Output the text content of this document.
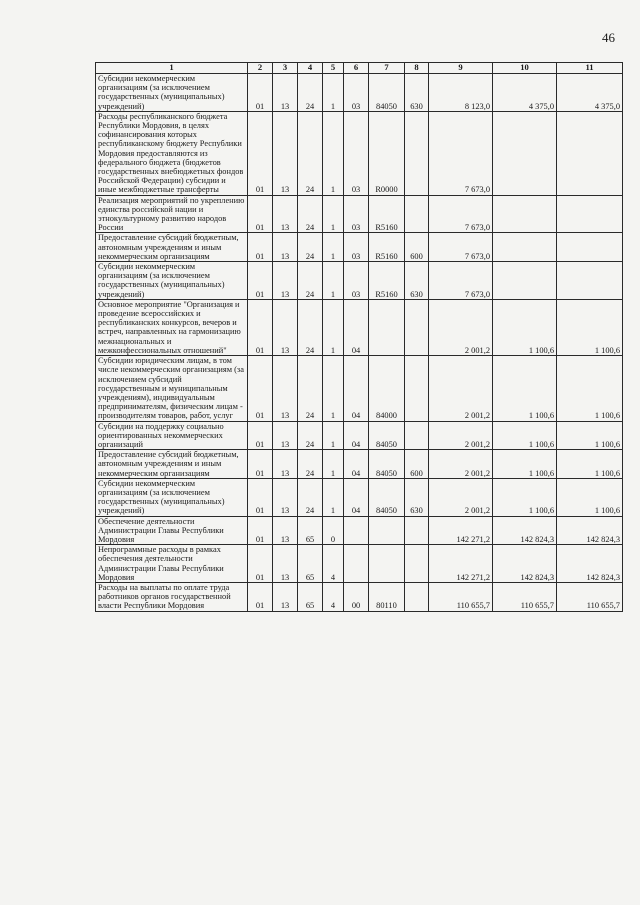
46
1	2	3	4	5	6	7	8	9	10	11
Субсидии некоммерческим организациям (за исключением государственных (муниципальных) учреждений)	01	13	24	1	03	84050	630	8 123,0	4 375,0	4 375,0
Расходы республиканского бюджета Республики Мордовия, в целях софинансирования которых республиканскому бюджету Республики Мордовия предоставляются из федерального бюджета (бюджетов государственных внебюджетных фондов Российской Федерации) субсидии и иные межбюджетные трансферты	01	13	24	1	03	R0000		7 673,0		
Реализация мероприятий по укреплению единства российской нации и этнокультурному развитию народов России	01	13	24	1	03	R5160		7 673,0		
Предоставление субсидий бюджетным, автономным учреждениям и иным некоммерческим организациям	01	13	24	1	03	R5160	600	7 673,0		
Субсидии некоммерческим организациям (за исключением государственных (муниципальных) учреждений)	01	13	24	1	03	R5160	630	7 673,0		
Основное мероприятие "Организация и проведение всероссийских и республиканских конкурсов, вечеров и встреч, направленных на гармонизацию межнациональных и межконфессиональных отношений"	01	13	24	1	04			2 001,2	1 100,6	1 100,6
Субсидии юридическим лицам, в том числе некоммерческим организациям (за исключением субсидий государственным и муниципальным учреждениям), индивидуальным предпринимателям, физическим лицам - производителям товаров, работ, услуг	01	13	24	1	04	84000		2 001,2	1 100,6	1 100,6
Субсидии на поддержку социально ориентированных некоммерческих организаций	01	13	24	1	04	84050		2 001,2	1 100,6	1 100,6
Предоставление субсидий бюджетным, автономным учреждениям и иным некоммерческим организациям	01	13	24	1	04	84050	600	2 001,2	1 100,6	1 100,6
Субсидии некоммерческим организациям (за исключением государственных (муниципальных) учреждений)	01	13	24	1	04	84050	630	2 001,2	1 100,6	1 100,6
Обеспечение деятельности Администрации Главы Республики Мордовия	01	13	65	0				142 271,2	142 824,3	142 824,3
Непрограммные расходы в рамках обеспечения деятельности Администрации Главы Республики Мордовия	01	13	65	4				142 271,2	142 824,3	142 824,3
Расходы на выплаты по оплате труда работников органов государственной власти Республики Мордовия	01	13	65	4	00	80110		110 655,7	110 655,7	110 655,7
